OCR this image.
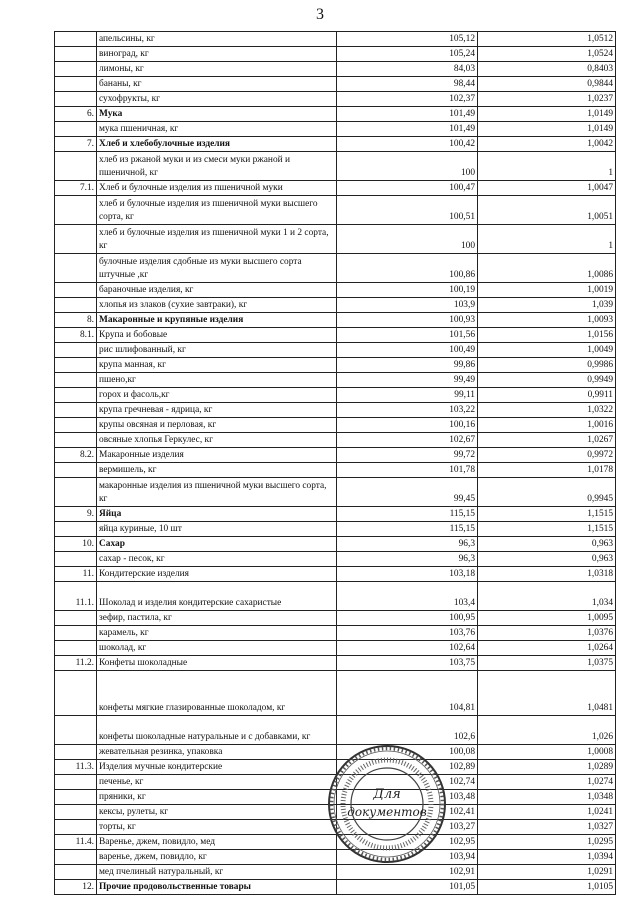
3
	апельсины, кг	105,12	1,0512
	виноград, кг	105,24	1,0524
	лимоны, кг	84,03	0,8403
	бананы, кг	98,44	0,9844
	сухофрукты, кг	102,37	1,0237
6.	Мука	101,49	1,0149
	мука пшеничная, кг	101,49	1,0149
7.	Хлеб и хлебобулочные изделия	100,42	1,0042
	хлеб из ржаной муки и из смеси муки ржаной и пшеничной, кг	100	1
7.1.	Хлеб и булочные изделия из пшеничной муки	100,47	1,0047
	хлеб и булочные изделия из пшеничной муки высшего сорта, кг	100,51	1,0051
	хлеб и булочные изделия из пшеничной муки 1 и 2 сорта, кг	100	1
	булочные изделия сдобные из муки высшего сорта штучные ,кг	100,86	1,0086
	бараночные изделия, кг	100,19	1,0019
	хлопья из злаков (сухие завтраки), кг	103,9	1,039
8.	Макаронные и крупяные изделия	100,93	1,0093
8.1.	Крупа и бобовые	101,56	1,0156
	рис шлифованный, кг	100,49	1,0049
	крупа манная, кг	99,86	0,9986
	пшено,кг	99,49	0,9949
	горох и фасоль,кг	99,11	0,9911
	крупа гречневая - ядрица, кг	103,22	1,0322
	крупы овсяная и перловая, кг	100,16	1,0016
	овсяные хлопья Геркулес, кг	102,67	1,0267
8.2.	Макаронные изделия	99,72	0,9972
	вермишель, кг	101,78	1,0178
	макаронные изделия из пшеничной муки высшего сорта, кг	99,45	0,9945
9.	Яйца	115,15	1,1515
	яйца куриные, 10 шт	115,15	1,1515
10.	Сахар	96,3	0,963
	сахар - песок, кг	96,3	0,963
11.	Кондитерские изделия	103,18	1,0318
11.1.	Шоколад и изделия кондитерские сахаристые	103,4	1,034
	зефир, пастила, кг	100,95	1,0095
	карамель, кг	103,76	1,0376
	шоколад, кг	102,64	1,0264
11.2.	Конфеты шоколадные	103,75	1,0375
	конфеты мягкие глазированные шоколадом, кг	104,81	1,0481
	конфеты шоколадные натуральные и с добавками, кг	102,6	1,026
	жевательная резинка, упаковка	100,08	1,0008
11.3.	Изделия мучные кондитерские	102,89	1,0289
	печенье, кг	102,74	1,0274
	пряники, кг	103,48	1,0348
	кексы, рулеты, кг	102,41	1,0241
	торты, кг	103,27	1,0327
11.4.	Варенье, джем, повидло, мед	102,95	1,0295
	варенье, джем, повидло, кг	103,94	1,0394
	мед пчелиный натуральный, кг	102,91	1,0291
12.	Прочие продовольственные товары	101,05	1,0105
Для
документов
